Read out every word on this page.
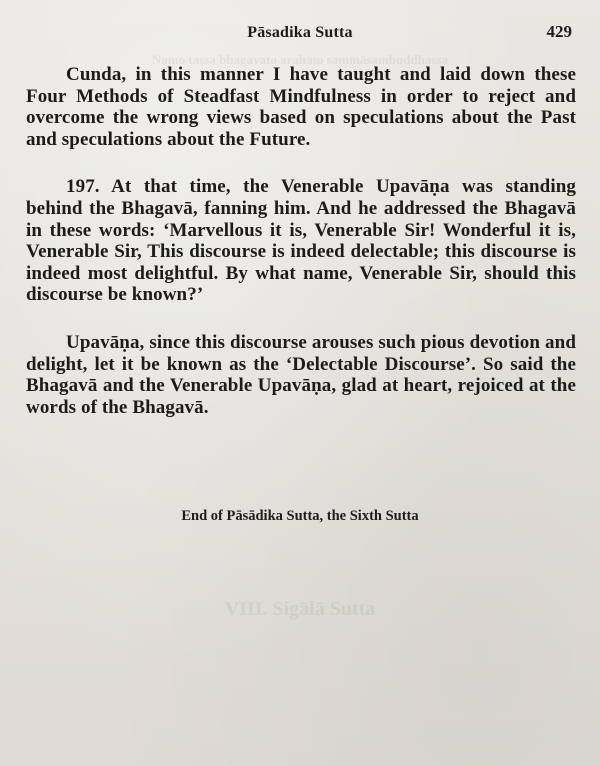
Namo tassa bhagavato arahato sammāsambuddhassa
VIII. Sigālā Sutta
Pāsadika Sutta	429

Cunda, in this manner I have taught and laid down these Four Methods of Steadfast Mindfulness in order to reject and overcome the wrong views based on speculations about the Past and speculations about the Future.

197. At that time, the Venerable Upavāṇa was standing behind the Bhagavā, fanning him. And he addressed the Bhagavā in these words: ‘Marvellous it is, Venerable Sir! Wonderful it is, Venerable Sir, This discourse is indeed delectable; this discourse is indeed most delightful. By what name, Venerable Sir, should this discourse be known?’

Upavāṇa, since this discourse arouses such pious devotion and delight, let it be known as the ‘Delectable Discourse’. So said the Bhagavā and the Venerable Upavāṇa, glad at heart, rejoiced at the words of the Bhagavā.

End of Pāsādika Sutta, the Sixth Sutta
